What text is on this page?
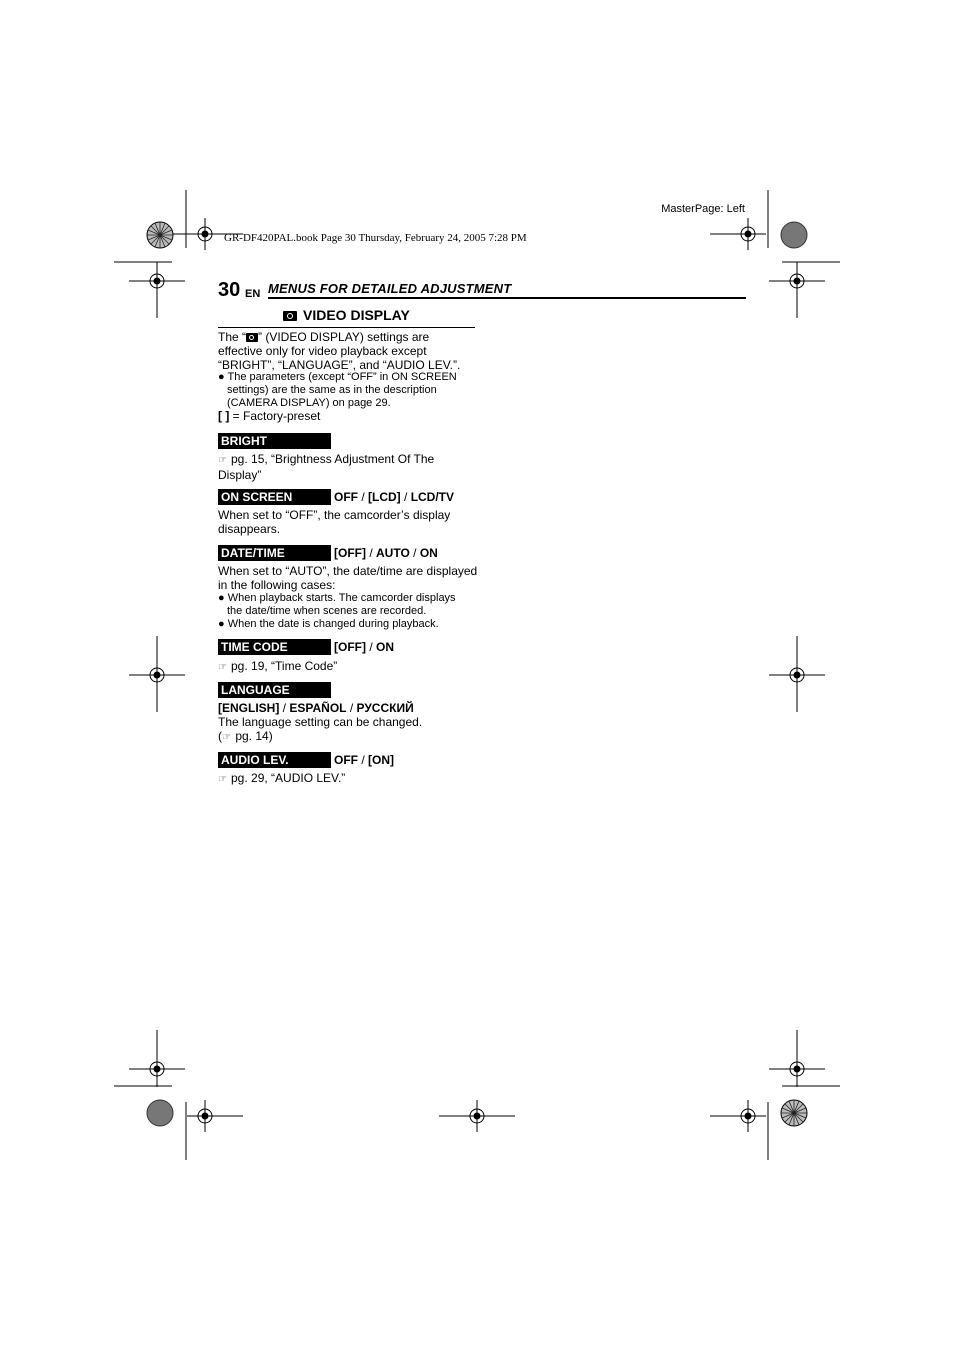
MasterPage: Left
GR-DF420PAL.book Page 30 Thursday, February 24, 2005 7:28 PM
30 EN MENUS FOR DETAILED ADJUSTMENT
VIDEO DISPLAY
The “ ” (VIDEO DISPLAY) settings are
effective only for video playback except
“BRIGHT”, “LANGUAGE”, and “AUDIO LEV.”.
● The parameters (except “OFF” in ON SCREEN
settings) are the same as in the description
(CAMERA DISPLAY) on page 29.
[ ] = Factory-preset
BRIGHT
☞ pg. 15, “Brightness Adjustment Of The
Display”
ON SCREEN	OFF / [LCD] / LCD/TV
When set to “OFF”, the camcorder’s display
disappears.
DATE/TIME	[OFF] / AUTO / ON
When set to “AUTO”, the date/time are displayed
in the following cases:
● When playback starts. The camcorder displays
the date/time when scenes are recorded.
● When the date is changed during playback.
TIME CODE	[OFF] / ON
☞ pg. 19, “Time Code”
LANGUAGE
[ENGLISH] / ESPAÑOL / РУССКИЙ
The language setting can be changed.
(☞ pg. 14)
AUDIO LEV.	OFF / [ON]
☞ pg. 29, “AUDIO LEV.”
